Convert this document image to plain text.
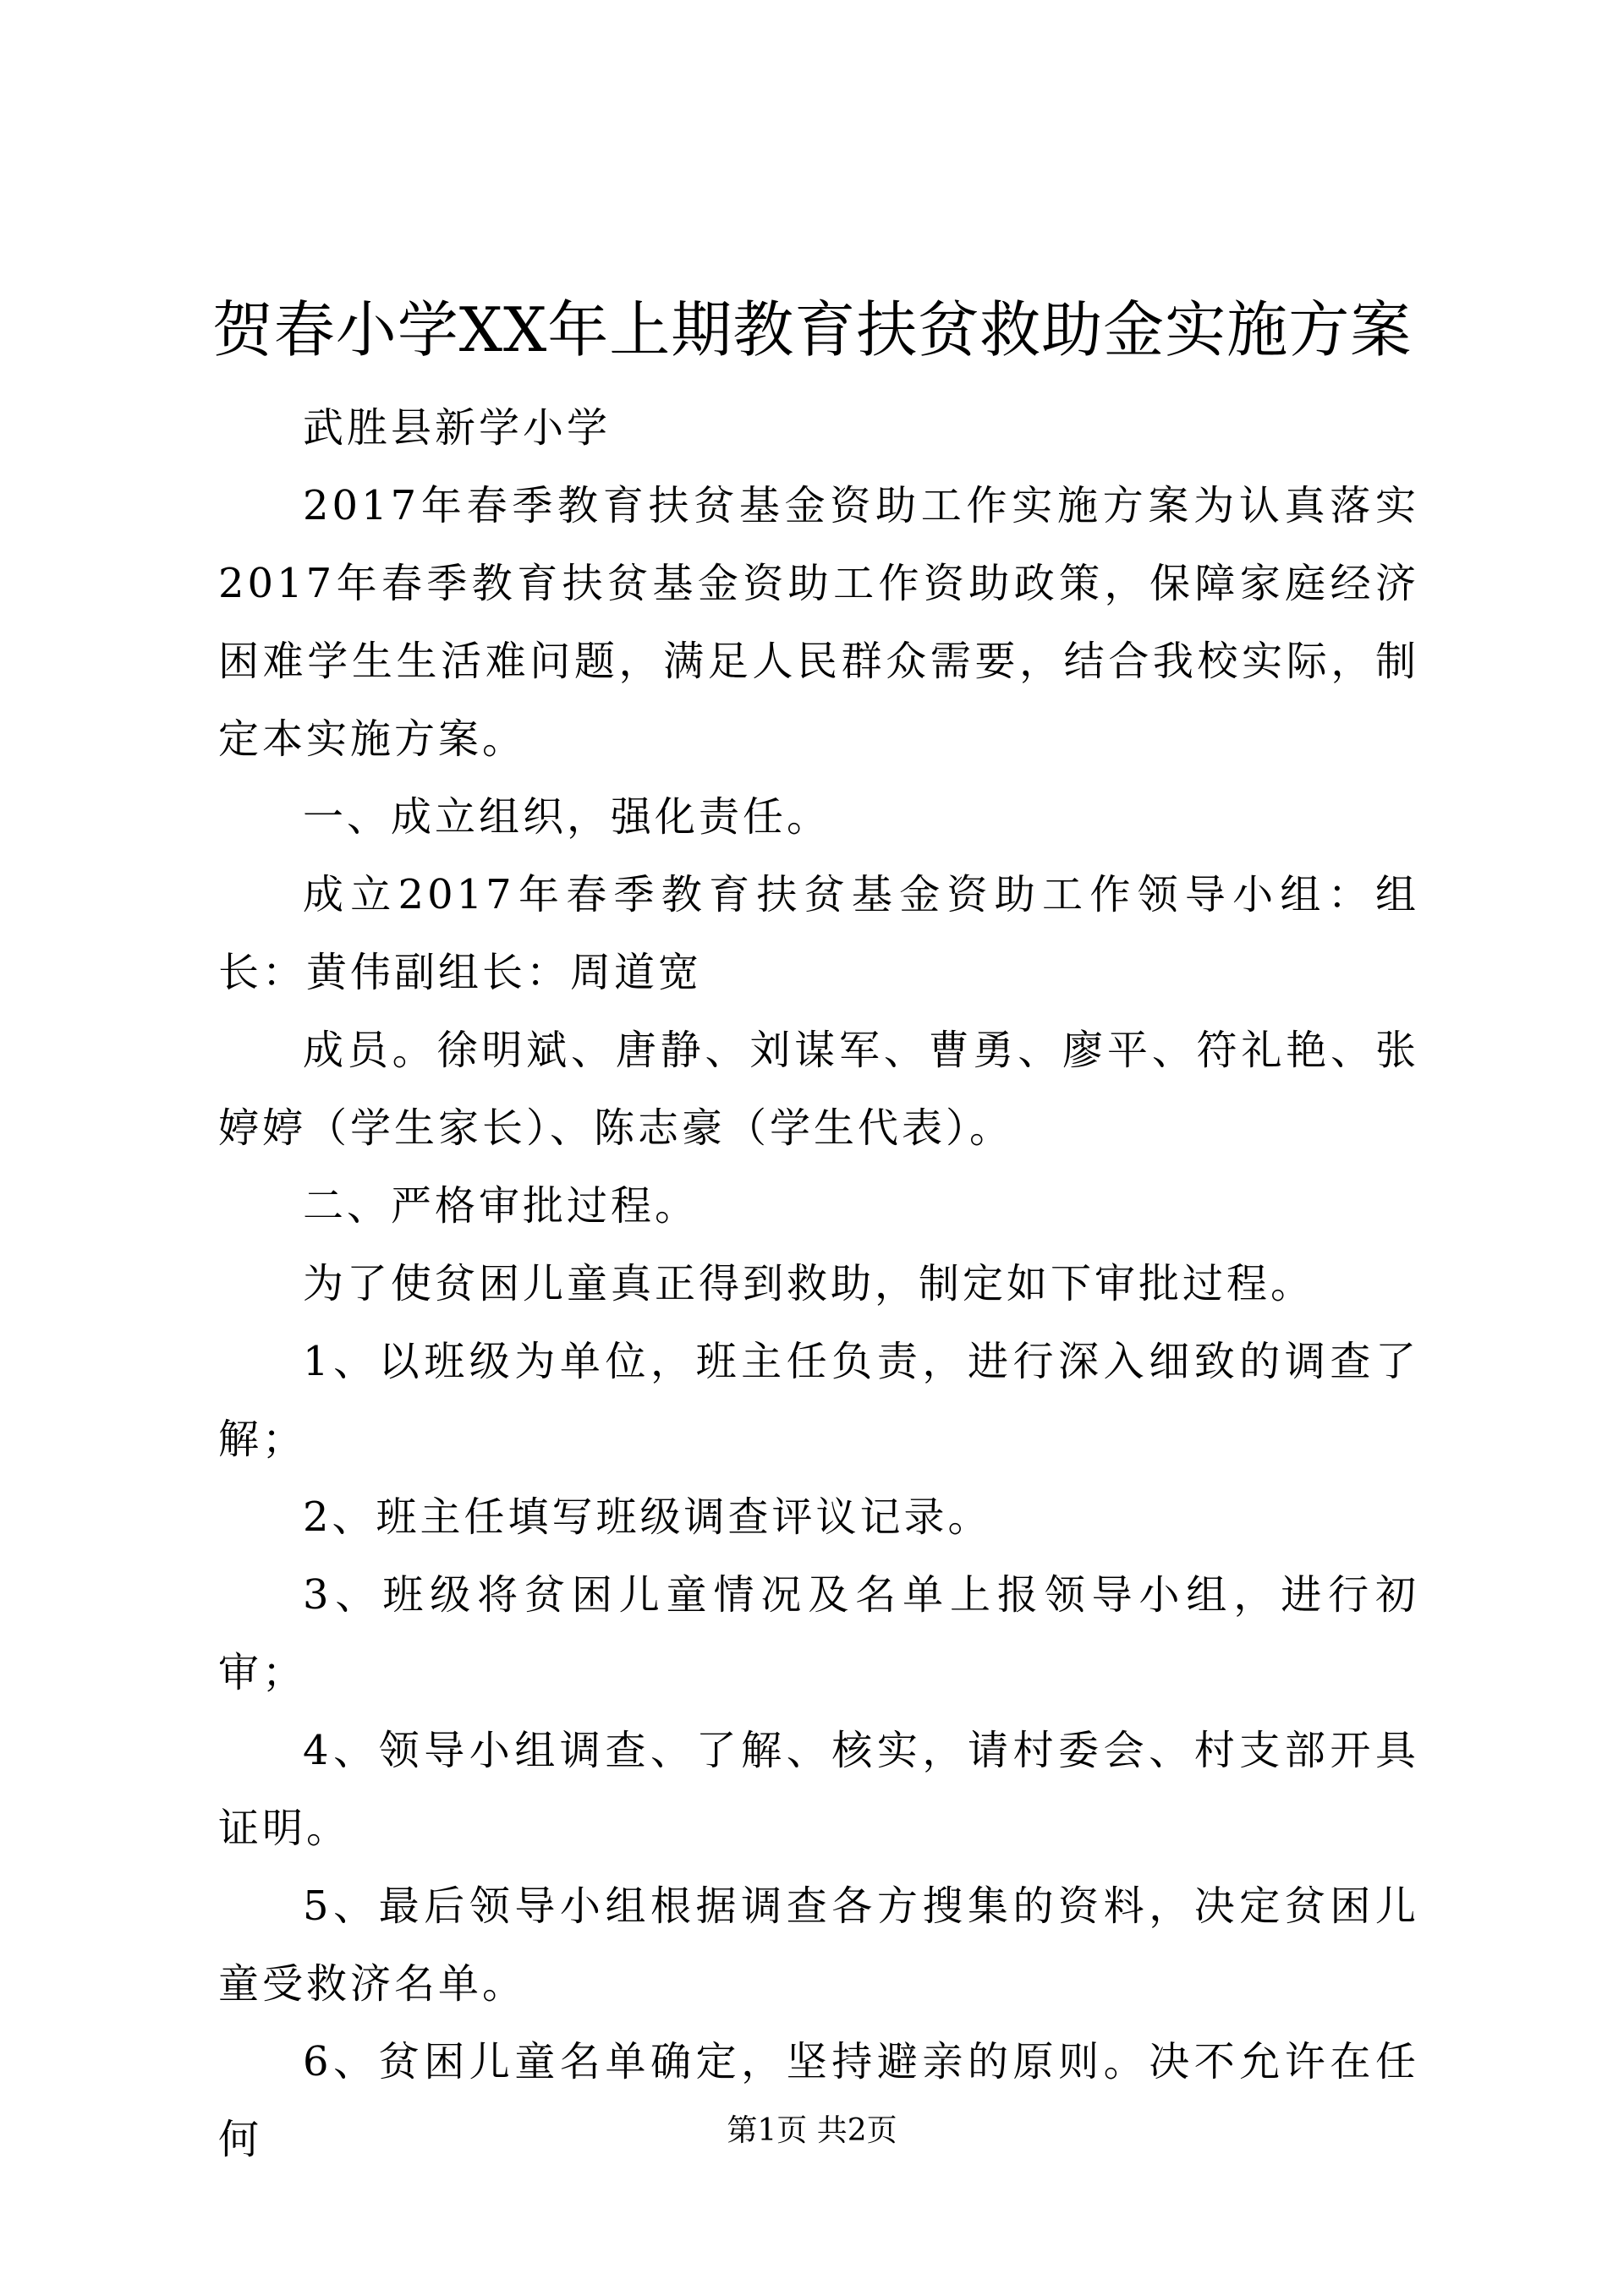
贺春小学XX年上期教育扶贫救助金实施方案

武胜县新学小学

2017年春季教育扶贫基金资助工作实施方案为认真落实2017年春季教育扶贫基金资助工作资助政策，保障家庭经济困难学生生活难问题，满足人民群众需要，结合我校实际，制定本实施方案。

一、成立组织，强化责任。

成立2017年春季教育扶贫基金资助工作领导小组：组长：黄伟副组长：周道宽

成员。徐明斌、唐静、刘谋军、曹勇、廖平、符礼艳、张婷婷（学生家长）、陈志豪（学生代表）。

二、严格审批过程。

为了使贫困儿童真正得到救助，制定如下审批过程。

1、以班级为单位，班主任负责，进行深入细致的调查了解；

2、班主任填写班级调查评议记录。

3、班级将贫困儿童情况及名单上报领导小组，进行初审；

4、领导小组调查、了解、核实，请村委会、村支部开具证明。

5、最后领导小组根据调查各方搜集的资料，决定贫困儿童受救济名单。

6、贫困儿童名单确定，坚持避亲的原则。决不允许在任何	第1页 共2页
